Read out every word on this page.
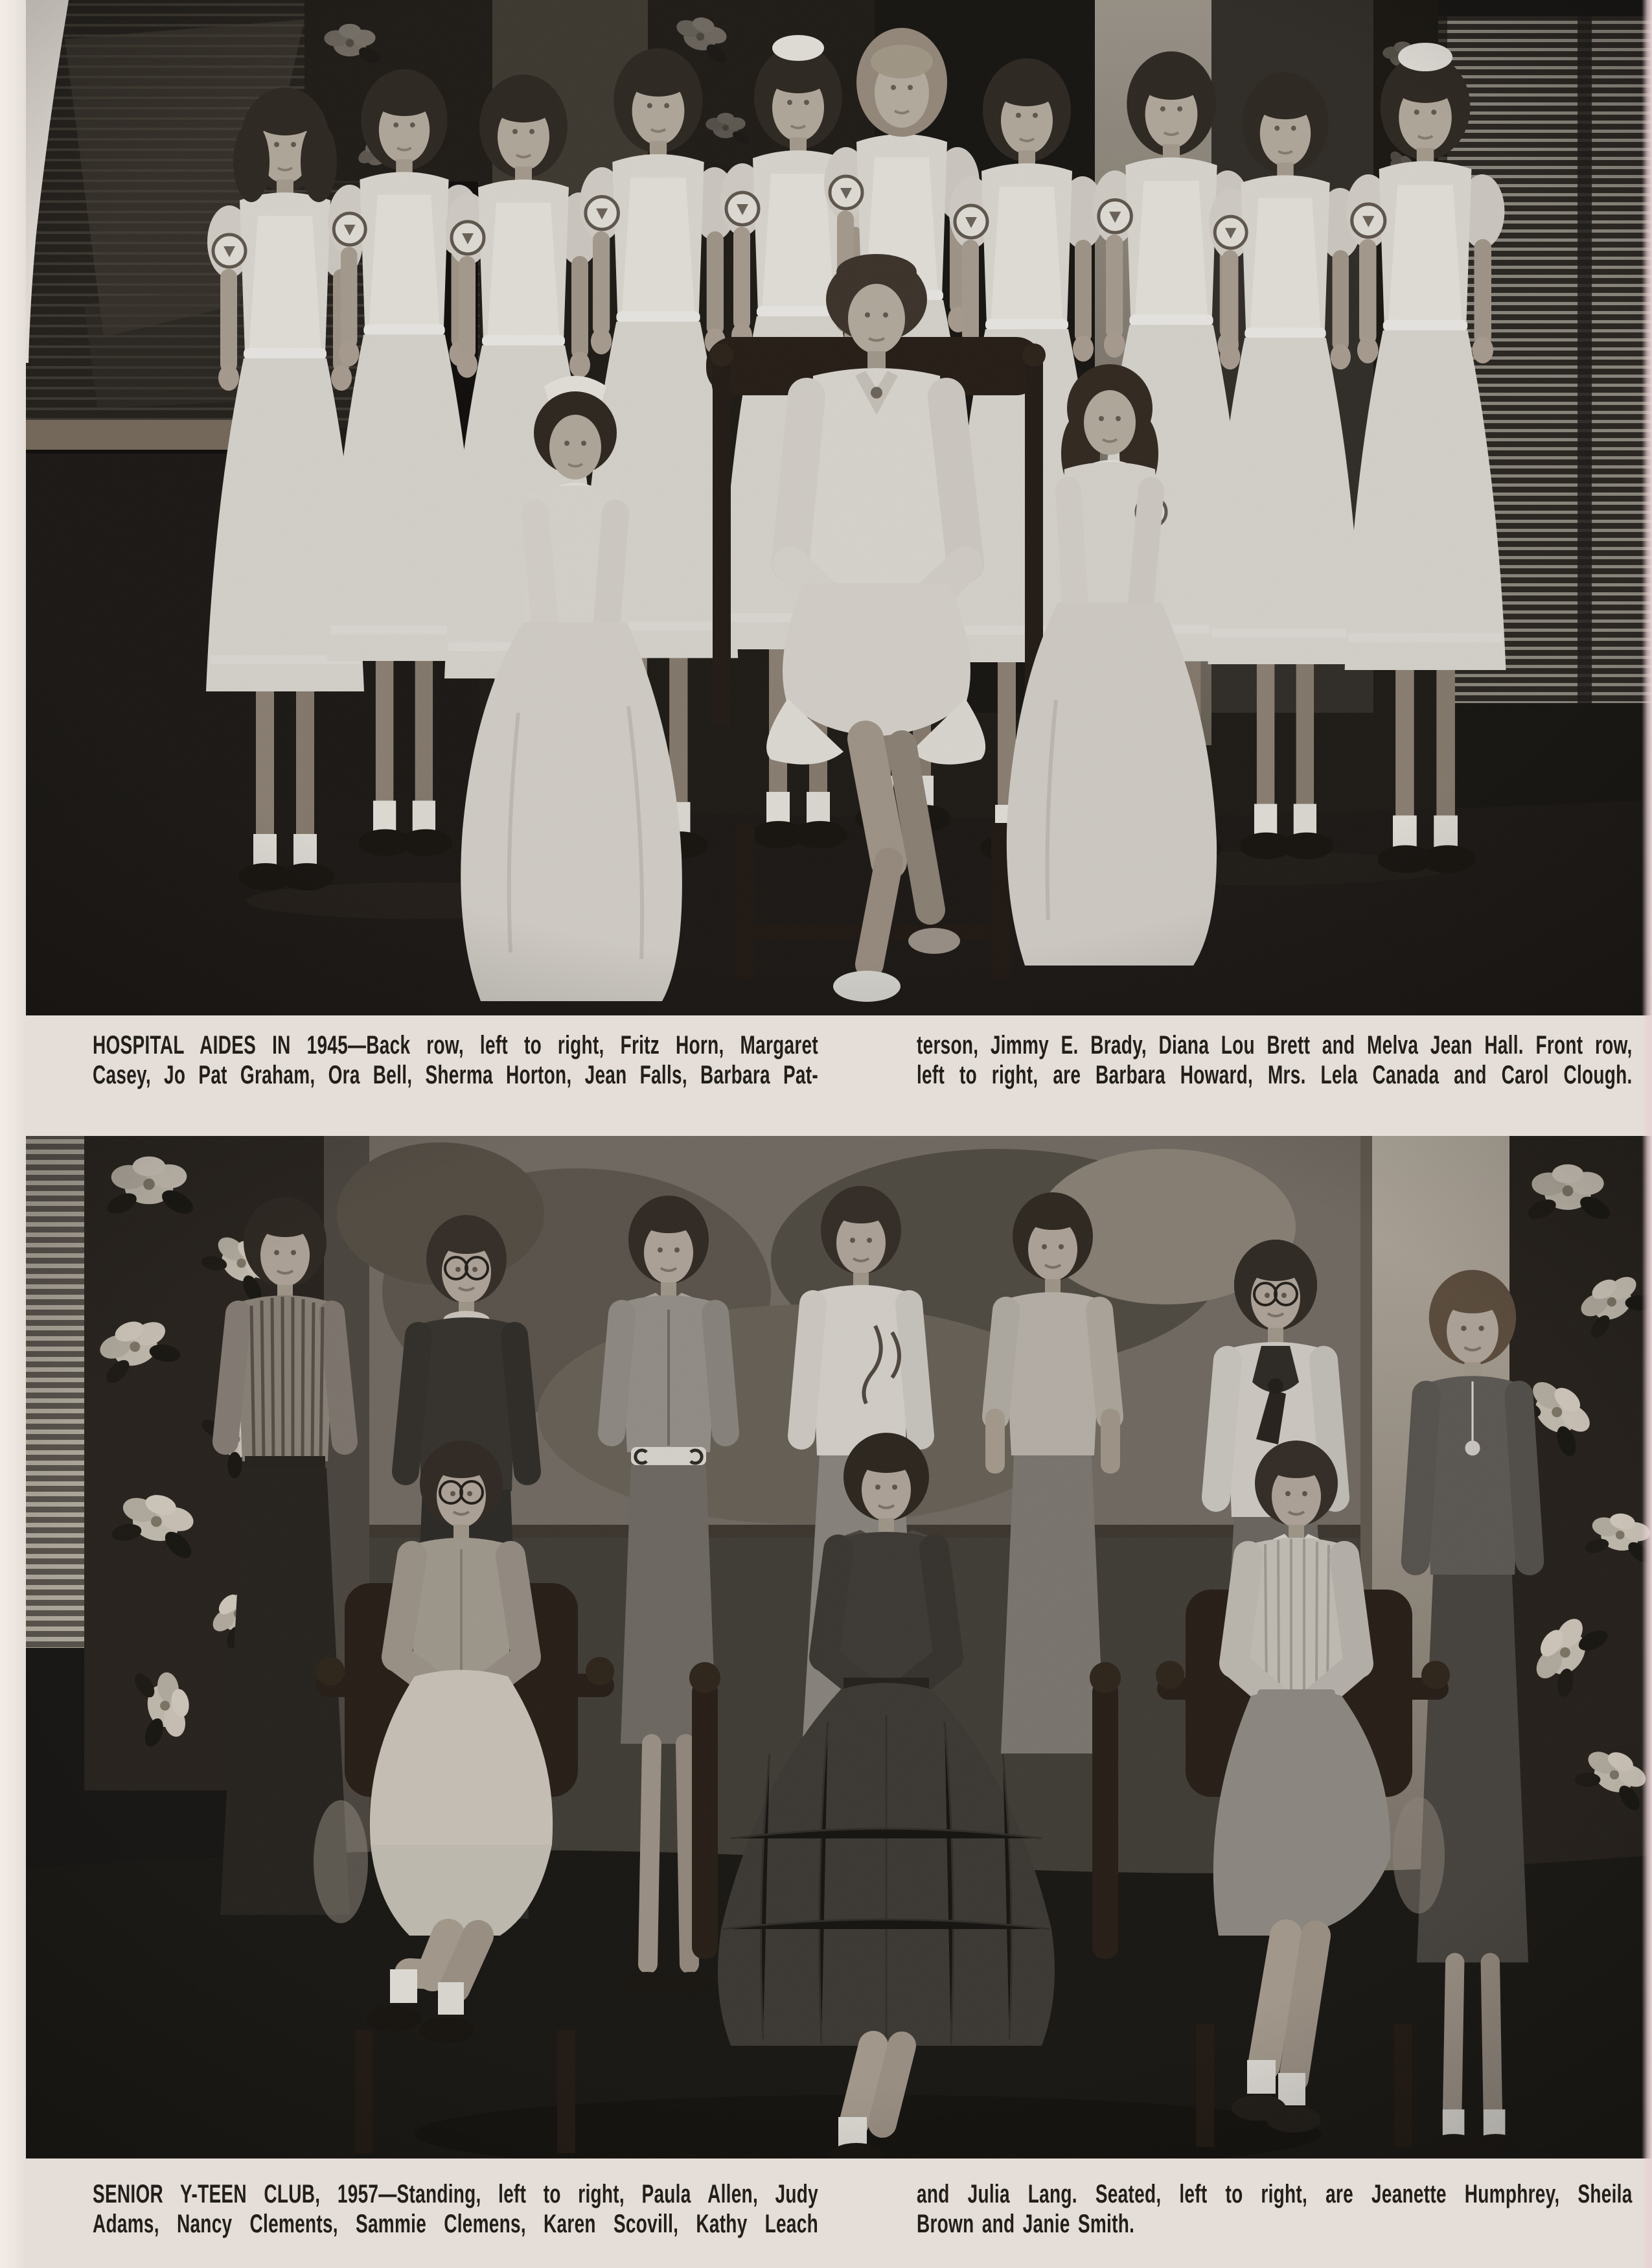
HOSPITAL AIDES IN 1945—Back row, left to right, Fritz Horn, Margaret
Casey, Jo Pat Graham, Ora Bell, Sherma Horton, Jean Falls, Barbara Pat-
terson, Jimmy E. Brady, Diana Lou Brett and Melva Jean Hall. Front row,
left to right, are Barbara Howard, Mrs. Lela Canada and Carol Clough.
SENIOR Y-TEEN CLUB, 1957—Standing, left to right, Paula Allen, Judy
Adams, Nancy Clements, Sammie Clemens, Karen Scovill, Kathy Leach
and Julia Lang. Seated, left to right, are Jeanette Humphrey, Sheila
Brown and Janie Smith.
